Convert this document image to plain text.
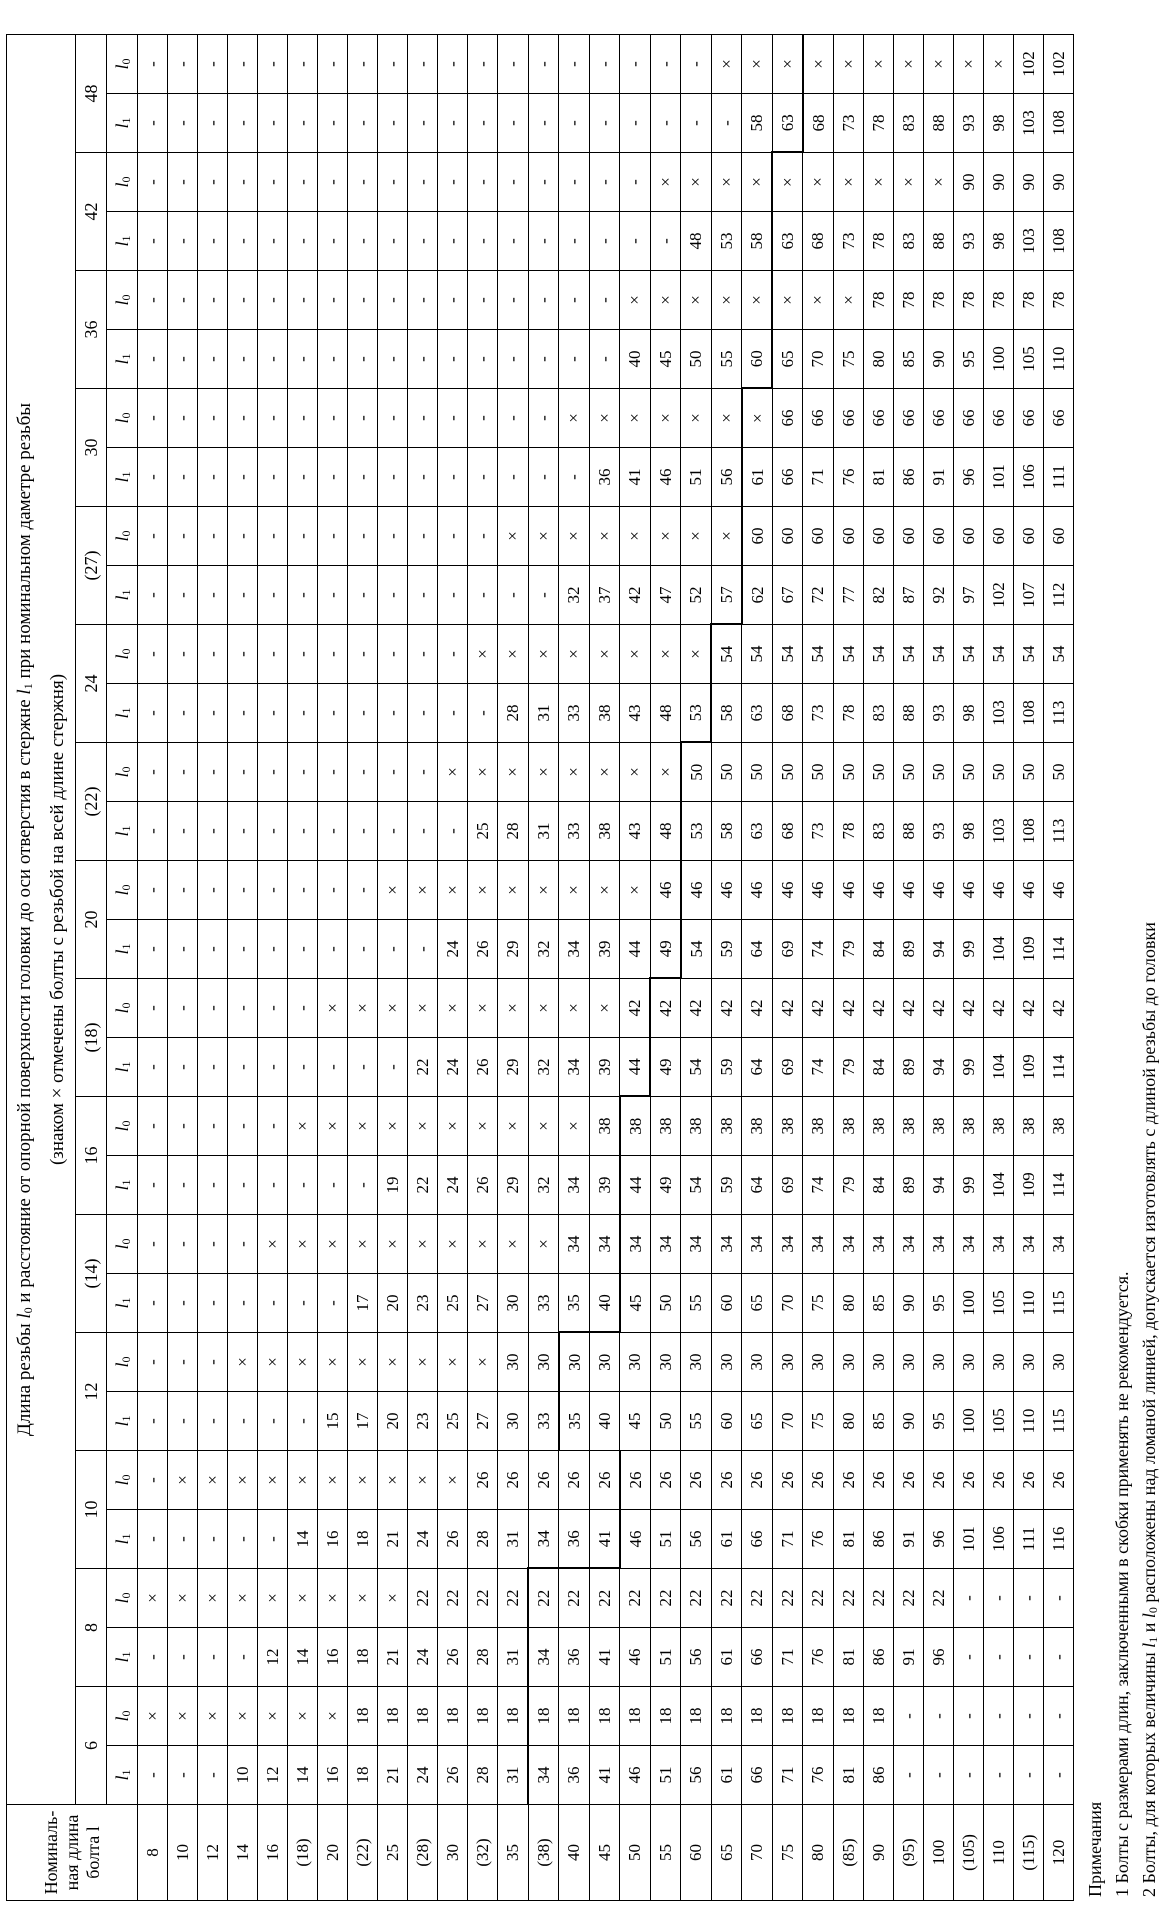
Номиналь-ная длина болта l	Длина резьбы l0 и расстояние от опорной поверхности головки до оси отверстия в стержне l1 при номинальном даметре резьбы
(знаком × отмечены болты с резьбой на всей длине стержня)																													
	6		8		10		12		(14)		16		(18)		20		(22)		24		(27)		30		36		42		48	
	l1	l0	l1	l0	l1	l0	l1	l0	l1	l0	l1	l0	l1	l0	l1	l0	l1	l0	l1	l0	l1	l0	l1	l0	l1	l0	l1	l0	l1	l0
8	-	×	-	×	-	-	-	-	-	-	-	-	-	-	-	-	-	-	-	-	-	-	-	-	-	-	-	-	-	-
10	-	×	-	×	-	×	-	-	-	-	-	-	-	-	-	-	-	-	-	-	-	-	-	-	-	-	-	-	-	-
12	-	×	-	×	-	×	-	-	-	-	-	-	-	-	-	-	-	-	-	-	-	-	-	-	-	-	-	-	-	-
14	10	×	-	×	-	×	-	×	-	-	-	-	-	-	-	-	-	-	-	-	-	-	-	-	-	-	-	-	-	-
16	12	×	12	×	-	×	-	×	-	×	-	-	-	-	-	-	-	-	-	-	-	-	-	-	-	-	-	-	-	-
(18)	14	×	14	×	14	×	-	×	-	×	-	×	-	-	-	-	-	-	-	-	-	-	-	-	-	-	-	-	-	-
20	16	×	16	×	16	×	15	×	-	×	-	×	-	×	-	-	-	-	-	-	-	-	-	-	-	-	-	-	-	-
(22)	18	18	18	×	18	×	17	×	17	×	-	×	-	×	-	-	-	-	-	-	-	-	-	-	-	-	-	-	-	-
25	21	18	21	×	21	×	20	×	20	×	19	×	-	×	-	×	-	-	-	-	-	-	-	-	-	-	-	-	-	-
(28)	24	18	24	22	24	×	23	×	23	×	22	×	22	×	-	×	-	-	-	-	-	-	-	-	-	-	-	-	-	-
30	26	18	26	22	26	×	25	×	25	×	24	×	24	×	24	×	-	×	-	-	-	-	-	-	-	-	-	-	-	-
(32)	28	18	28	22	28	26	27	×	27	×	26	×	26	×	26	×	25	×	-	×	-	-	-	-	-	-	-	-	-	-
35	31	18	31	22	31	26	30	30	30	×	29	×	29	×	29	×	28	×	28	×	-	×	-	-	-	-	-	-	-	-
(38)	34	18	34	22	34	26	33	30	33	×	32	×	32	×	32	×	31	×	31	×	-	×	-	-	-	-	-	-	-	-
40	36	18	36	22	36	26	35	30	35	34	34	×	34	×	34	×	33	×	33	×	32	×	-	×	-	-	-	-	-	-
45	41	18	41	22	41	26	40	30	40	34	39	38	39	×	39	×	38	×	38	×	37	×	36	×	-	-	-	-	-	-
50	46	18	46	22	46	26	45	30	45	34	44	38	44	42	44	×	43	×	43	×	42	×	41	×	40	×	-	-	-	-
55	51	18	51	22	51	26	50	30	50	34	49	38	49	42	49	46	48	×	48	×	47	×	46	×	45	×	-	×	-	-
60	56	18	56	22	56	26	55	30	55	34	54	38	54	42	54	46	53	50	53	×	52	×	51	×	50	×	48	×	-	-
65	61	18	61	22	61	26	60	30	60	34	59	38	59	42	59	46	58	50	58	54	57	×	56	×	55	×	53	×	-	×
70	66	18	66	22	66	26	65	30	65	34	64	38	64	42	64	46	63	50	63	54	62	60	61	×	60	×	58	×	58	×
75	71	18	71	22	71	26	70	30	70	34	69	38	69	42	69	46	68	50	68	54	67	60	66	66	65	×	63	×	63	×
80	76	18	76	22	76	26	75	30	75	34	74	38	74	42	74	46	73	50	73	54	72	60	71	66	70	×	68	×	68	×
(85)	81	18	81	22	81	26	80	30	80	34	79	38	79	42	79	46	78	50	78	54	77	60	76	66	75	×	73	×	73	×
90	86	18	86	22	86	26	85	30	85	34	84	38	84	42	84	46	83	50	83	54	82	60	81	66	80	78	78	×	78	×
(95)	-	-	91	22	91	26	90	30	90	34	89	38	89	42	89	46	88	50	88	54	87	60	86	66	85	78	83	×	83	×
100	-	-	96	22	96	26	95	30	95	34	94	38	94	42	94	46	93	50	93	54	92	60	91	66	90	78	88	×	88	×
(105)	-	-	-	-	101	26	100	30	100	34	99	38	99	42	99	46	98	50	98	54	97	60	96	66	95	78	93	90	93	×
110	-	-	-	-	106	26	105	30	105	34	104	38	104	42	104	46	103	50	103	54	102	60	101	66	100	78	98	90	98	×
(115)	-	-	-	-	111	26	110	30	110	34	109	38	109	42	109	46	108	50	108	54	107	60	106	66	105	78	103	90	103	102
120	-	-	-	-	116	26	115	30	115	34	114	38	114	42	114	46	113	50	113	54	112	60	111	66	110	78	108	90	108	102
Примечания 1 Болты с размерами длин, заключенными в скобки применять не рекомендуется. 2 Болты, для которых величины l1 и l0 расположены над ломаной линией, допускается изготовлять с длиной резьбы до головки
